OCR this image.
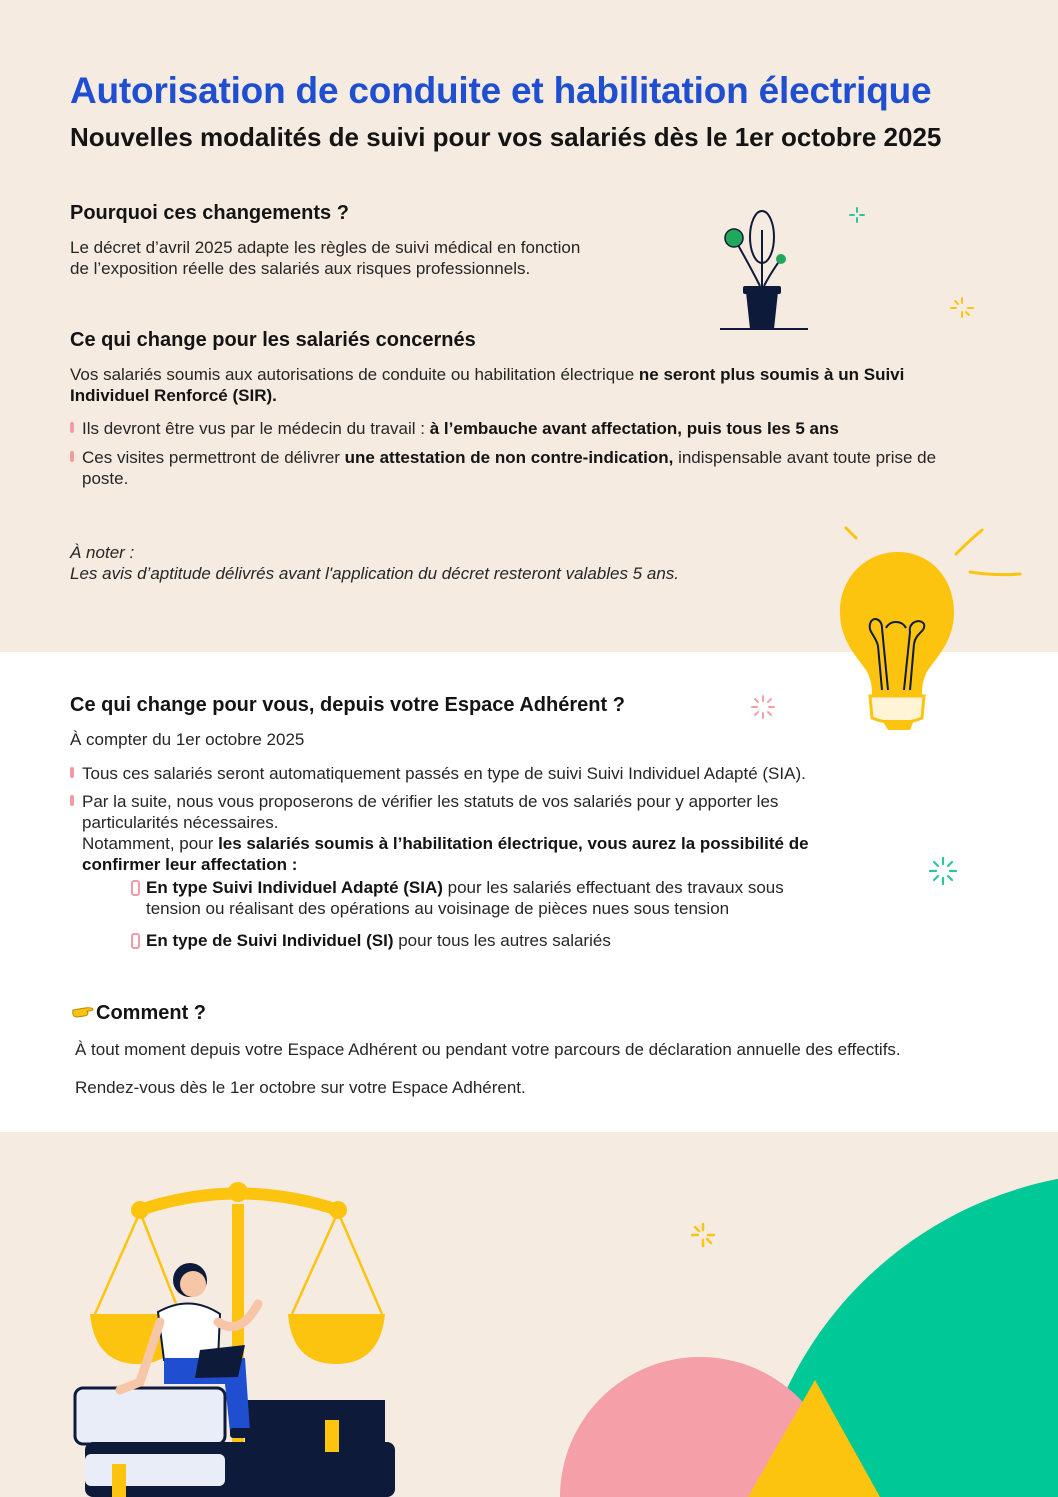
Autorisation de conduite et habilitation électrique
Nouvelles modalités de suivi pour vos salariés dès le 1er octobre 2025
Pourquoi ces changements ?

Le décret d’avril 2025 adapte les règles de suivi médical en fonction

de l’exposition réelle des salariés aux risques professionnels.

Ce qui change pour les salariés concernés

Vos salariés soumis aux autorisations de conduite ou habilitation électrique ne seront plus soumis à un Suivi Individuel Renforcé (SIR).

Ils devront être vus par le médecin du travail : à l’embauche avant affectation, puis tous les 5 ans
Ces visites permettront de délivrer une attestation de non contre-indication, indispensable avant toute prise de poste.
À noter :
Les avis d’aptitude délivrés avant l'application du décret resteront valables 5 ans.
Ce qui change pour vous, depuis votre Espace Adhérent ?

À compter du 1er octobre 2025

Tous ces salariés seront automatiquement passés en type de suivi Suivi Individuel Adapté (SIA).
Par la suite, nous vous proposerons de vérifier les statuts de vos salariés pour y apporter les
particularités nécessaires.
Notamment, pour les salariés soumis à l’habilitation électrique, vous aurez la possibilité de confirmer leur affectation :
En type Suivi Individuel Adapté (SIA) pour les salariés effectuant des travaux sous tension ou réalisant des opérations au voisinage de pièces nues sous tension
En type de Suivi Individuel (SI) pour tous les autres salariés
Comment ?

À tout moment depuis votre Espace Adhérent ou pendant votre parcours de déclaration annuelle des effectifs.

Rendez-vous dès le 1er octobre sur votre Espace Adhérent.
